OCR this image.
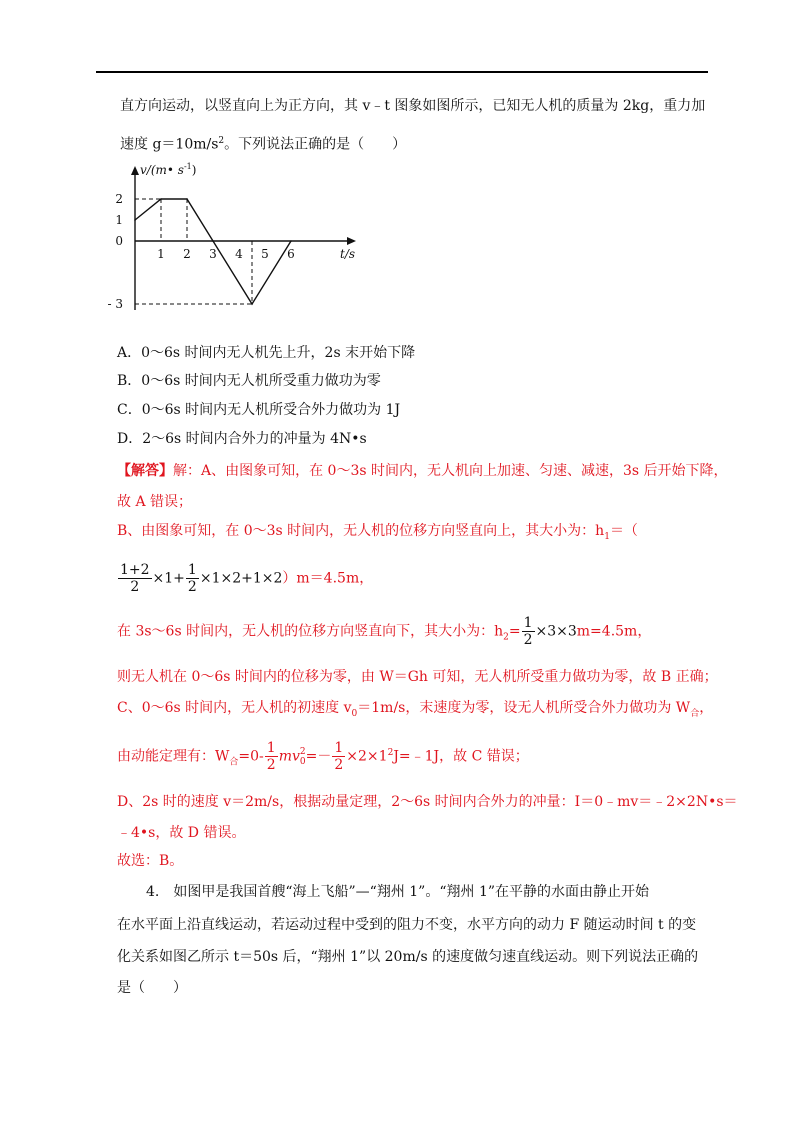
直方向运动，以竖直向上为正方向，其 v﹣t 图象如图所示，已知无人机的质量为 2kg，重力加
速度 $g=10m/s^2$。下列说法正确的是（　　）
v/(m• $s^{-1}$)
t/s
2
1
0
- 3
1 2 3 4 5 6
A．0～6s 时间内无人机先上升，2s 末开始下降
B．0～6s 时间内无人机所受重力做功为零
C．0～6s 时间内无人机所受合外力做功为 1J
D．2～6s 时间内合外力的冲量为 4N•s
【解答】解：A、由图象可知，在 0～3s 时间内，无人机向上加速、匀速、减速，3s 后开始下降，
故 A 错误；
B、由图象可知，在 0～3s 时间内，无人机的位移方向竖直向上，其大小为：$h_1=$（
$\frac{1+2}{2} \times 1+ \frac{1}{2} \times 1\times 2+1\times 2)m=4.5m$，
在 3s～6s 时间内，无人机的位移方向竖直向下，其大小为：$h_2= \frac{1}{2} \times 3\times 3m=4.5m$，
则无人机在 0～6s 时间内的位移为零，由 W＝Gh 可知，无人机所受重力做功为零，故 B 正确；
C、0～6s 时间内，无人机的初速度 $v_0=1m/s$，末速度为零，设无人机所受合外力做功为 $W_合$，
由动能定理有：$W_合=0- \frac{1}{2}$ mv 2
$0 =- \frac{1}{2}$ $\times 2\times 1^2J=﹣1J$，故 C 错误；
D、2s 时的速度 v＝2m/s，根据动量定理，2～6s 时间内合外力的冲量：I＝0﹣mv＝﹣2×2N•s＝
﹣4•s，故 D 错误。
故选：B。
4.　如图甲是我国首艘“海上飞船”—“翔州 1”。“翔州 1”在平静的水面由静止开始
在水平面上沿直线运动，若运动过程中受到的阻力不变，水平方向的动力 F 随运动时间 t 的变
化关系如图乙所示 t＝50s 后，“翔州 1”以 20m/s 的速度做匀速直线运动。则下列说法正确的
是（　　）
